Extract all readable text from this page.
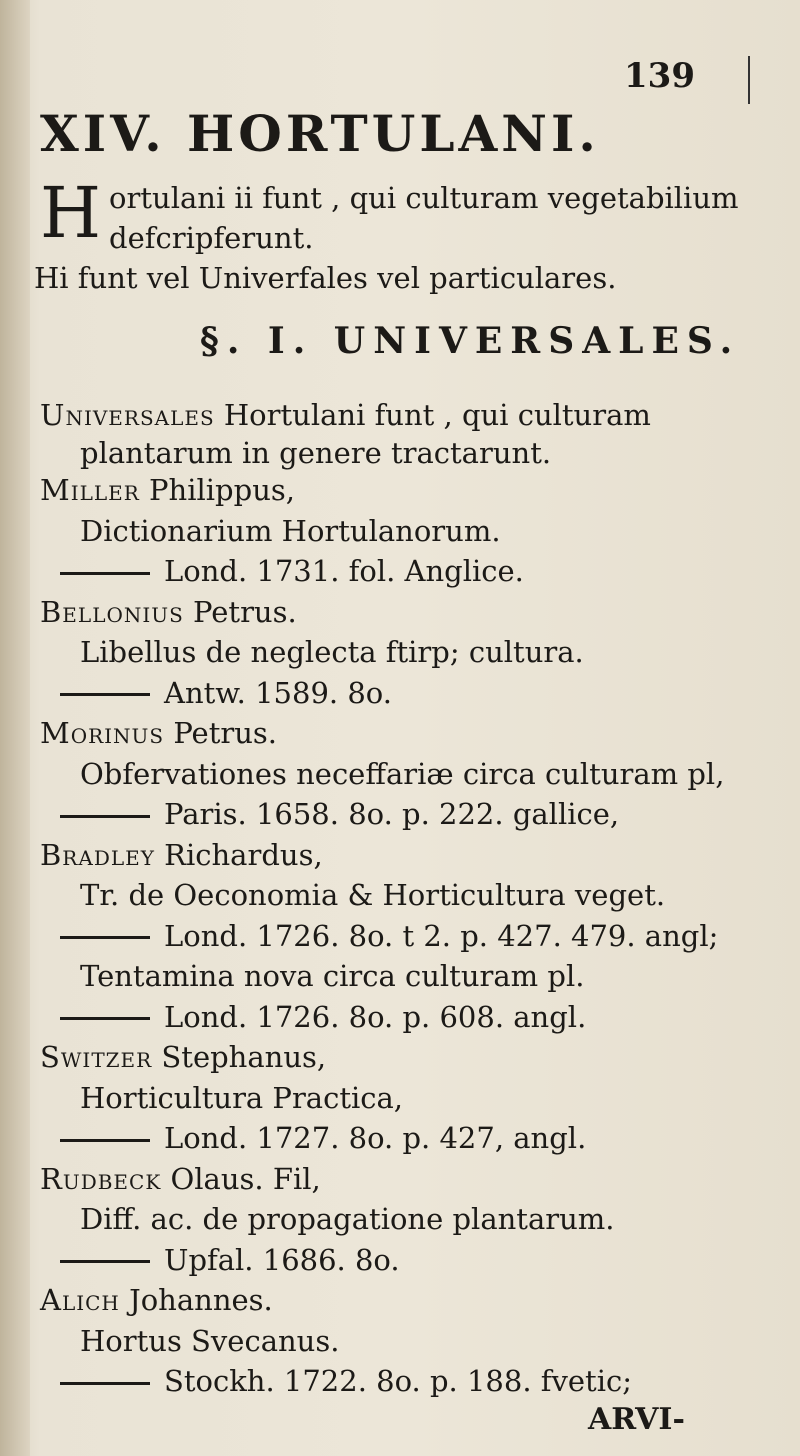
139
XIV. HORTULANI.
H ortulani ii funt , qui culturam vegetabilium
defcripferunt.
Hi funt vel Univerfales vel particulares.
§. I. UNIVERSALES.
Universales Hortulani funt , qui culturam
plantarum in genere tractarunt.
Miller Philippus,
Dictionarium Hortulanorum.
Lond. 1731. fol. Anglice.
Bellonius Petrus.
Libellus de neglecta ftirp; cultura.
Antw. 1589. 8o.
Morinus Petrus.
Obfervationes neceffariæ circa culturam pl,
Paris. 1658. 8o. p. 222. gallice,
Bradley Richardus,
Tr. de Oeconomia & Horticultura veget.
Lond. 1726. 8o. t 2. p. 427. 479. angl;
Tentamina nova circa culturam pl.
Lond. 1726. 8o. p. 608. angl.
Switzer Stephanus,
Horticultura Practica,
Lond. 1727. 8o. p. 427, angl.
Rudbeck Olaus. Fil,
Diff. ac. de propagatione plantarum.
Upfal. 1686. 8o.
Alich Johannes.
Hortus Svecanus.
Stockh. 1722. 8o. p. 188. fvetic;
ARVI-
